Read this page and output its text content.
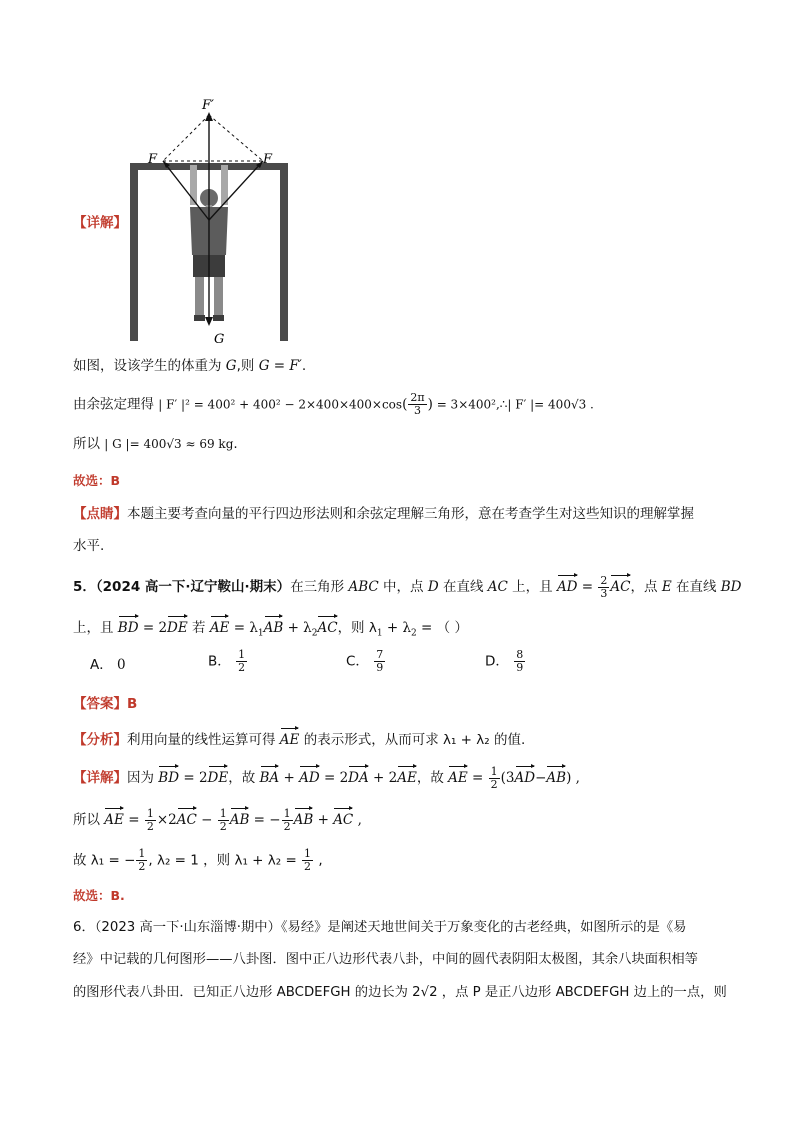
F′
F	F
G
【详解】
如图，设该学生的体重为 G,则 G = F′.
由余弦定理得 | F′ $|^2 = 400^2 + 400^2 - 2\times 400\times 400\times\cos( \frac{2\pi}{3}$ ) = 3×400²,∴| F′ |= 400√3 .
所以 | G |= 400√3 ≈ 69 kg.
故选：B
【点睛】本题主要考查向量的平行四边形法则和余弦定理解三角形，意在考查学生对这些知识的理解掌握
水平.
5．（2024 高一下·辽宁鞍山·期末）在三角形 ABC 中，点 D 在直线 AC 上，且 AD = $\frac{2}{3}$ AC，点 E 在直线 BD
上，且 BD = 2DE 若 AE = $\lambda_1AB + \lambda_2AC$，则 $\lambda_1 + \lambda_2$ = （ ）
A． 0	B． $\frac{1}{2}$	C． $\frac{7}{9}$	D． $\frac{8}{9}$
【答案】B
【分析】利用向量的线性运算可得 AE 的表示形式，从而可求 λ₁ + λ₂ 的值.
【详解】因为 BD = 2DE，故 BA + AD = 2DA + 2AE，故 AE = $\frac{1}{2} (3AD-AB)$ ,
所以 AE = $\frac{1}{2} \times 2AC - \frac{1}{2}$ AB = − $\frac{1}{2}$ AB + AC ,
故 λ₁ = − $\frac{1}{2}$ , λ₂ = 1 ，则 $\lambda_1 + \lambda_2 = \frac{1}{2}$ ,
故选：B.
6．（2023 高一下·山东淄博·期中）《易经》是阐述天地世间关于万象变化的古老经典，如图所示的是《易
经》中记载的几何图形——八卦图．图中正八边形代表八卦，中间的圆代表阴阳太极图，其余八块面积相等
的图形代表八卦田．已知正八边形 ABCDEFGH 的边长为 2√2 ，点 P 是正八边形 ABCDEFGH 边上的一点，则
